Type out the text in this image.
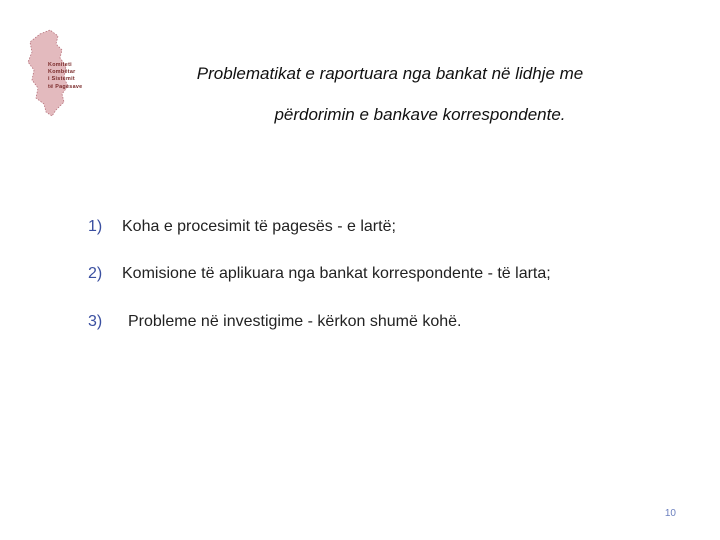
Komiteti
Kombëtar
i Sistemit
të Pagesave
Problematikat e raportuara nga bankat në lidhje me
përdorimin e bankave korrespondente.
1) Koha e procesimit të pagesës - e lartë;
2) Komisione të aplikuara nga bankat korrespondente - të larta;
3) Probleme në investigime - kërkon shumë kohë.
10
